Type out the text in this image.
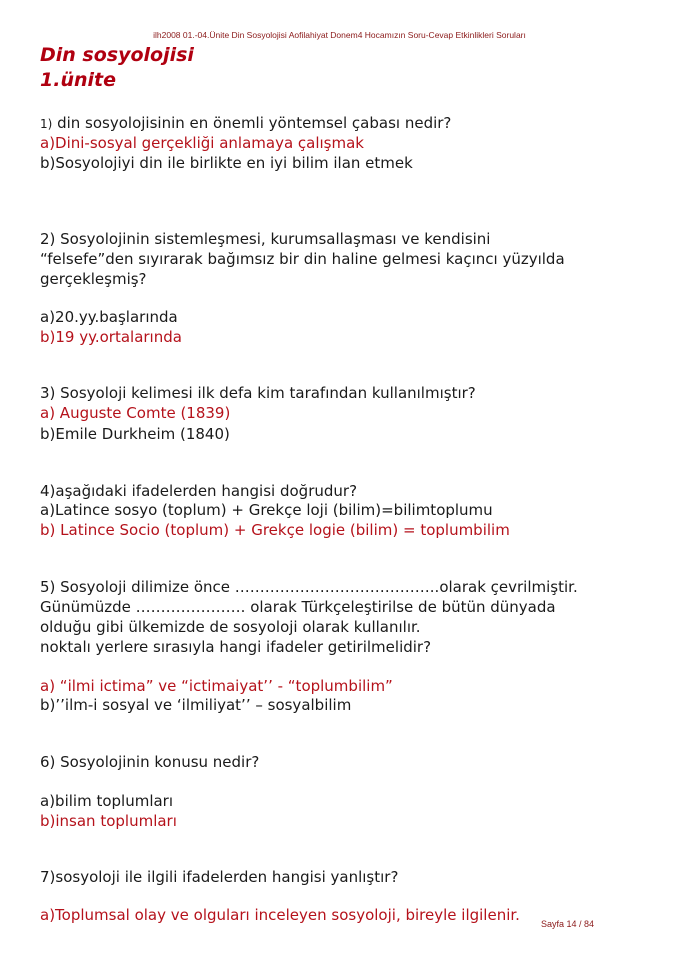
ilh2008 01.-04.Ünite Din Sosyolojisi Aofilahiyat Donem4 Hocamızın Soru-Cevap Etkinlikleri Soruları
Din sosyolojisi
1.ünite
1) din sosyolojisinin en önemli yöntemsel çabası nedir?
a)Dini-sosyal gerçekliği anlamaya çalışmak
b)Sosyolojiyi din ile birlikte en iyi bilim ilan etmek
2) Sosyolojinin sistemleşmesi, kurumsallaşması ve kendisini
“felsefe”den sıyırarak bağımsız bir din haline gelmesi kaçıncı yüzyılda
gerçekleşmiş?
a)20.yy.başlarında
b)19 yy.ortalarında
3) Sosyoloji kelimesi ilk defa kim tarafından kullanılmıştır?
a) Auguste Comte (1839)
b)Emile Durkheim (1840)
4)aşağıdaki ifadelerden hangisi doğrudur?
a)Latince sosyo (toplum) + Grekçe loji (bilim)=bilimtoplumu
b) Latince Socio (toplum) + Grekçe logie (bilim) = toplumbilim
5) Sosyoloji dilimize önce …………………………………..olarak çevrilmiştir.
Günümüzde …………………. olarak Türkçeleştirilse de bütün dünyada
olduğu gibi ülkemizde de sosyoloji olarak kullanılır.
noktalı yerlere sırasıyla hangi ifadeler getirilmelidir?
a) “ilmi ictima” ve “ictimaiyat’’ - “toplumbilim”
b)’’ilm-i sosyal ve ‘ilmiliyat’’ – sosyalbilim
6) Sosyolojinin konusu nedir?
a)bilim toplumları
b)insan toplumları
7)sosyoloji ile ilgili ifadelerden hangisi yanlıştır?
a)Toplumsal olay ve olguları inceleyen sosyoloji, bireyle ilgilenir. Sayfa 14 / 84
